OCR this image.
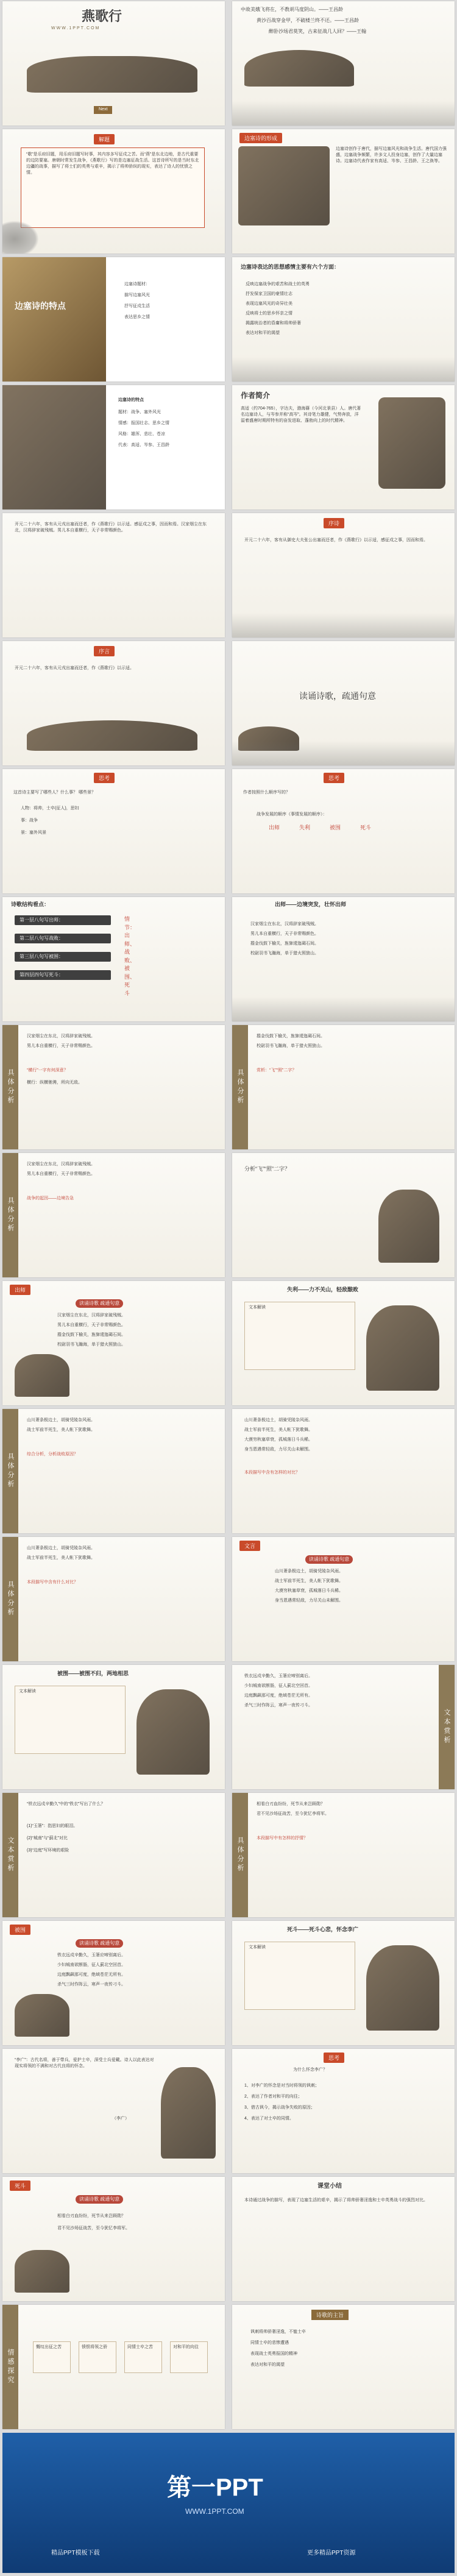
燕歌行
WWW.1PPT.COM
Next
中故美娥飞将在，不教胡马度阴山。——王昌龄
黄沙百战穿金甲，不破楼兰终不还。——王昌龄
醉卧沙场君莫笑，古来征战几人回？——王翰
解题
“歌”是乐府旧题，用乐府旧题写时事，其内容多写征戍之苦。而“燕”是东北边地，是古代重要的边防要塞。唐朝时常发生战争，《燕歌行》写的是边塞征战生活。这首诗所写的是当时东北边疆的战事，描写了将士们的英勇与艰辛，揭示了将帅骄纵的现实，表达了诗人的忧愤之情。
边塞诗的形成
边塞诗创作于唐代，描写边塞风光和战争生活。唐代国力强盛，边塞战争频繁，许多文人投身边塞，创作了大量边塞诗。边塞诗代表作家有高适、岑参、王昌龄、王之涣等。
边塞诗的特点
边塞诗题材：
描写边塞风光
抒写征戍生活
表达思乡之情
边塞诗表达的思想感情主要有六个方面：
反映边塞战争的艰苦和战士的英勇
抒发保家卫国的豪情壮志
表现边塞风光的奇异壮美
反映将士的思乡怀亲之情
揭露统治者的昏庸和将帅骄奢
表达对和平的渴望
边塞诗的特点
题材：战争、塞外风光
情感：报国壮志、思乡之情
风格：雄浑、悲壮、苍凉
代表：高适、岑参、王昌龄
作者简介
高适（约704-765），字达夫，渤海蓨（今河北景县）人。唐代著名边塞诗人，与岑参并称“高岑”。其诗笔力雄健，气势奔放，洋溢着盛唐时期所特有的奋发进取、蓬勃向上的时代精神。
开元二十六年，客有从元戎出塞而还者，作《燕歌行》以示适。感征戍之事，因而和焉。汉家烟尘在东北，汉将辞家破残贼。男儿本自重横行，天子非常赐颜色。
序诗
开元二十六年，客有从御史大夫张公出塞而还者，作《燕歌行》以示适，感征戍之事，因而和焉。
序言
开元二十六年，客有从元戎出塞而还者，作《燕歌行》以示适。
读诵诗歌，疏通句意
思考
这首诗主要写了哪些人？什么事？ 哪些景？
人物：将帅，士卒(征人)，思妇
事：战争
景：塞外风景
思考
作者按照什么顺序写的？
战争发展的顺序（事情发展的顺序）：
出师	失利	被围	死斗
诗歌结构看点：
第一层八句写出师：
第二层八句写战败：
第三层八句写被围：
第四层四句写死斗：
情节：出师、战败、被围、死斗
出师——边境突发，壮怀出师
汉家烟尘在东北，汉将辞家破残贼。
男儿本自重横行，天子非常赐颜色。
摐金伐鼓下榆关，旌旆逶迤碣石间。
校尉羽书飞瀚海，单于猎火照狼山。
具体分析
汉家烟尘在东北，汉将辞家破残贼。
男儿本自重横行，天子非常赐颜色。
“横行”一字有何深意？
横行：纵横驰骋，所向无敌。	具体分析
摐金伐鼓下榆关，旌旆逶迤碣石间。
校尉羽书飞瀚海，单于猎火照狼山。
赏析：“飞”“照”二字？
具体分析
汉家烟尘在东北，汉将辞家破残贼。
男儿本自重横行，天子非常赐颜色。
战争的起因——边境告急
分析“飞”“照”二字？
出师
读诵诗歌 疏通句意
汉家烟尘在东北，汉将辞家破残贼。
男儿本自重横行，天子非常赐颜色。
摐金伐鼓下榆关，旌旆逶迤碣石间。
校尉羽书飞瀚海，单于猎火照狼山。
失利——力不关山，轻敌酿败
文本解读
具体分析
山川萧条极边土，胡骑凭陵杂风雨。
战士军前半死生，美人帐下犹歌舞。
综合分析，分析战败原因？
山川萧条极边土，胡骑凭陵杂风雨。
战士军前半死生，美人帐下犹歌舞。
大漠穷秋塞草衰，孤城落日斗兵稀。
身当恩遇常轻敌，力尽关山未解围。
本段描写中含有怎样的对比？
具体分析
山川萧条极边土，胡骑凭陵杂风雨。
战士军前半死生，美人帐下犹歌舞。
本段描写中含有什么对比？
文言
读诵诗歌 疏通句意
山川萧条极边土，胡骑凭陵杂风雨。
战士军前半死生，美人帐下犹歌舞。
大漠穷秋塞草衰，孤城落日斗兵稀。
身当恩遇常轻敌，力尽关山未解围。
被围——被围不归，两地相思
文本解读
文本赏析
铁衣远戍辛勤久，玉箸应啼别离后。
少妇城南欲断肠，征人蓟北空回首。
边庭飘飖那可度，绝域苍茫无所有。
杀气三时作阵云，寒声一夜传刁斗。
文本赏析
“铁衣远戍辛勤久”中的“铁衣”写出了什么？
(1)“玉箸”：指思妇的眼泪。
(2)“城南”与“蓟北”对比
(3)“边庭”写环境的艰险	具体分析
相看白刃血纷纷，死节从来岂顾勋？
君不见沙场征战苦，至今犹忆李将军。
本段描写中有怎样的抒情？
被围
读诵诗歌 疏通句意
铁衣远戍辛勤久，玉箸应啼别离后。
少妇城南欲断肠，征人蓟北空回首。
边庭飘飖那可度，绝域苍茫无所有。
杀气三时作阵云，寒声一夜传刁斗。
死斗——死斗心悲，怀念李广
文本解读
“李广”：古代名将，善于带兵，爱护士卒，深受士兵爱戴。诗人以此表达对现实将领的不满和对古代良将的怀念。
（李广）
思考
为什么怀念李广？
1、对李广的怀念是对当时将领的讽刺；
2、表达了作者对和平的向往；
3、借古讽今，揭示战争失败的原因；
4、表达了对士卒的同情。
死斗
读诵诗歌 疏通句意
相看白刃血纷纷，死节从来岂顾勋？
君不见沙场征战苦，至今犹忆李将军。
课堂小结
本诗通过战争的描写，表现了边塞生活的艰辛，揭示了将帅骄奢淫逸和士卒英勇战斗的强烈对比。
情感探究
慨叹出征之苦	愤恨将领之骄	同情士卒之苦	对和平的向往
诗歌的主旨
讽刺将帅骄奢淫逸，不恤士卒
同情士卒的悲惨遭遇
表现战士英勇报国的精神
表达对和平的渴望
第一PPT
WWW.1PPT.COM
精品PPT模板下载	更多精品PPT资源
